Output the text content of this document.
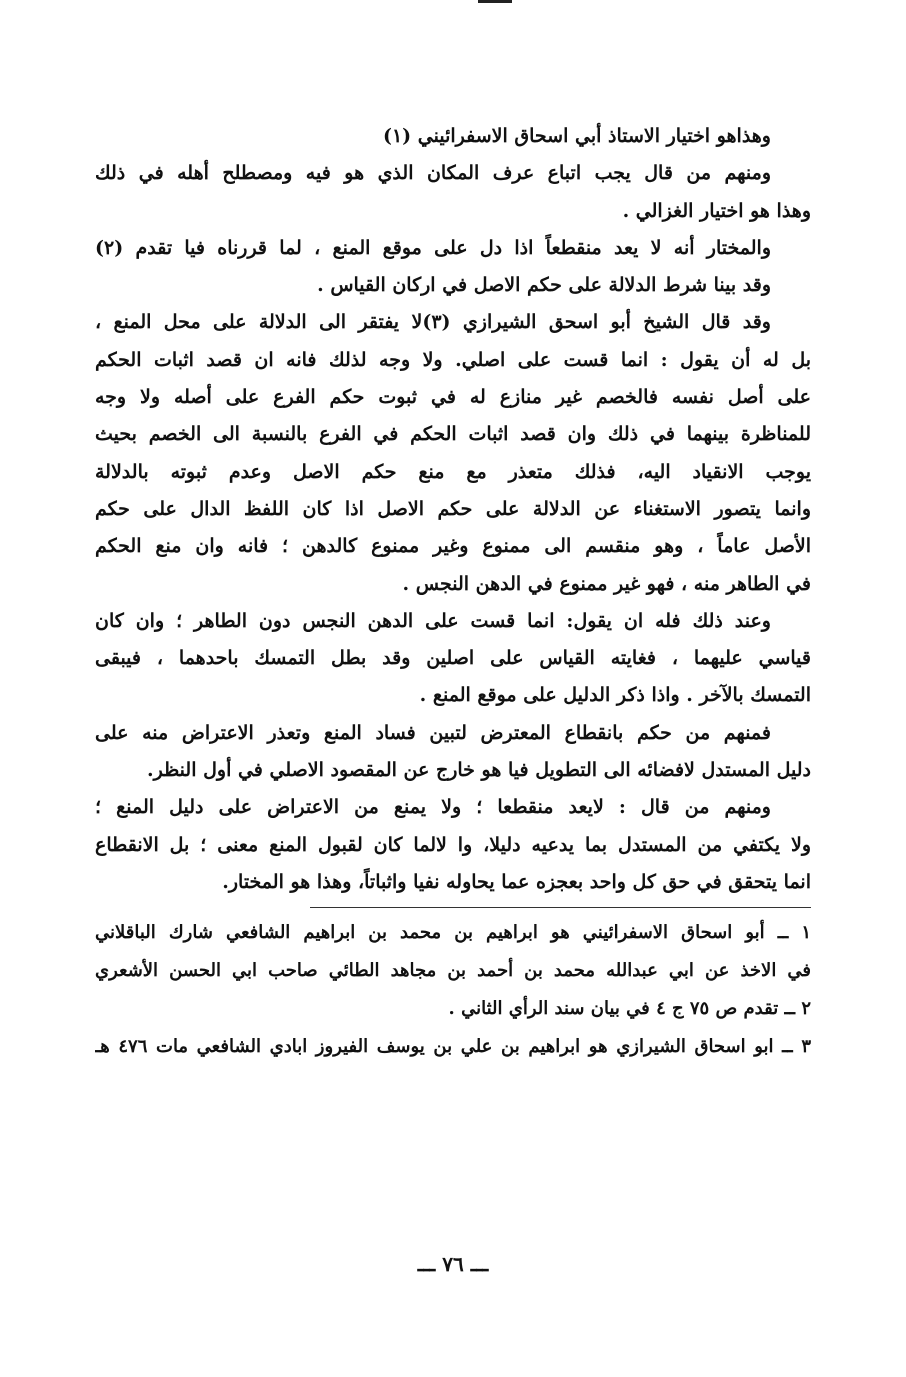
وهذاهو اختيار الاستاذ أبي اسحاق الاسفرائيني (١)
ومنهم من قال يجب اتباع عرف المكان الذي هو فيه ومصطلح أهله في ذلك
وهذا هو اختيار الغزالي .
والمختار أنه لا يعد منقطعاً اذا دل على موقع المنع ، لما قررناه فيا تقدم (٢)
وقد بينا شرط الدلالة على حكم الاصل في اركان القياس .
وقد قال الشيخ أبو اسحق الشيرازي (٣)لا يفتقر الى الدلالة على محل المنع ،
بل له أن يقول : انما قست على اصلي. ولا وجه لذلك فانه ان قصد اثبات الحكم
على أصل نفسه فالخصم غير منازع له في ثبوت حكم الفرع على أصله ولا وجه
للمناظرة بينهما في ذلك وان قصد اثبات الحكم في الفرع بالنسبة الى الخصم بحيث
يوجب الانقياد اليه، فذلك متعذر مع منع حكم الاصل وعدم ثبوته بالدلالة
وانما يتصور الاستغناء عن الدلالة على حكم الاصل اذا كان اللفظ الدال على حكم
الأصل عاماً ، وهو منقسم الى ممنوع وغير ممنوع كالدهن ؛ فانه وان منع الحكم
في الطاهر منه ، فهو غير ممنوع في الدهن النجس .
وعند ذلك فله ان يقول: انما قست على الدهن النجس دون الطاهر ؛ وان كان
قياسي عليهما ، فغايته القياس على اصلين وقد بطل التمسك باحدهما ، فيبقى
التمسك بالآخر . واذا ذكر الدليل على موقع المنع .
فمنهم من حكم بانقطاع المعترض لتبين فساد المنع وتعذر الاعتراض منه على
دليل المستدل لافضائه الى التطويل فيا هو خارج عن المقصود الاصلي في أول النظر.
ومنهم من قال : لايعد منقطعا ؛ ولا يمنع من الاعتراض على دليل المنع ؛
ولا يكتفي من المستدل بما يدعيه دليلا، وا لالما كان لقبول المنع معنى ؛ بل الانقطاع
انما يتحقق في حق كل واحد بعجزه عما يحاوله نفيا واثباتاً، وهذا هو المختار.
١ ــ أبو اسحاق الاسفرائيني هو ابراهيم بن محمد بن ابراهيم الشافعي شارك الباقلاني
في الاخذ عن ابي عبدالله محمد بن أحمد بن مجاهد الطائي صاحب ابي الحسن الأشعري
٢ ــ تقدم ص ٧٥ ج ٤ في بيان سند الرأي الثاني .
٣ ــ ابو اسحاق الشيرازي هو ابراهيم بن علي بن يوسف الفيروز ابادي الشافعي مات ٤٧٦ هـ
ـــ ٧٦ ـــ
